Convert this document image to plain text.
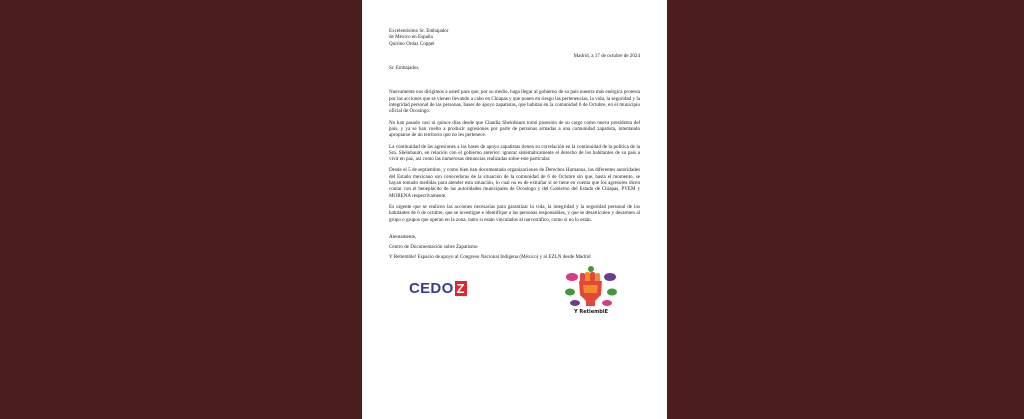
Excelentísimo Sr. Embajador
de México en España
Quirino Ordaz Coppel
Madrid, a 17 de octubre de 2024
Sr. Embajador,

Nuevamente nos dirigimos a usted para que, por su medio, haga llegar al gobierno de su país nuestra más enérgica protesta por las acciones que se vienen llevando a cabo en Chiapas y que ponen en riesgo las pertenencias, la vida, la seguridad y la integridad personal de las personas, bases de apoyo zapatistas, que habitan en la comunidad 6 de Octubre, en el municipio oficial de Ocosingo.

No han pasado casi ni quince días desde que Claudia Sheinbaum tomó posesión de su cargo como nueva presidenta del país, y ya se han vuelto a producir agresiones por parte de personas armadas a una comunidad zapatista, intentando apropiarse de un territorio que no les pertenece.

La continuidad de las agresiones a las bases de apoyo zapatistas tienen su correlación en la continuidad de la política de la Sra. Sheinbaum, en relación con el gobierno anterior: ignorar sistemáticamente el derecho de los habitantes de su país a vivir en paz, así como las numerosas denuncias realizadas sobre este particular.

Desde el 5 de septiembre, y como bien han documentado organizaciones de Derechos Humanos, las diferentes autoridades del Estado mexicano son conocedoras de la situación de la comunidad de 6 de Octubre sin que, hasta el momento, se hayan tomado medidas para atender esta situación, lo cual no es de extrañar si se tiene en cuenta que los agresores dicen contar con el beneplácito de las autoridades municipales de Ocosingo y del Gobierno del Estado de Chiapas, PVEM y MORENA respectivamente.

Es urgente que se realicen las acciones necesarias para garantizar la vida, la integridad y la seguridad personal de los habitantes de 6 de octubre, que se investigue e identifique a las personas responsables, y que se desarticulen y desarmen al grupo o grupos que operan en la zona, tanto si están vinculados al narcotráfico, como si no lo están.

Atentamente,
Centro de Documentación sobre Zapatismo
Y Retiemble! Espacio de apoyo al Congreso Nacional Indígena (México) y al EZLN desde Madrid
CEDO Z
Y RetiemblE
